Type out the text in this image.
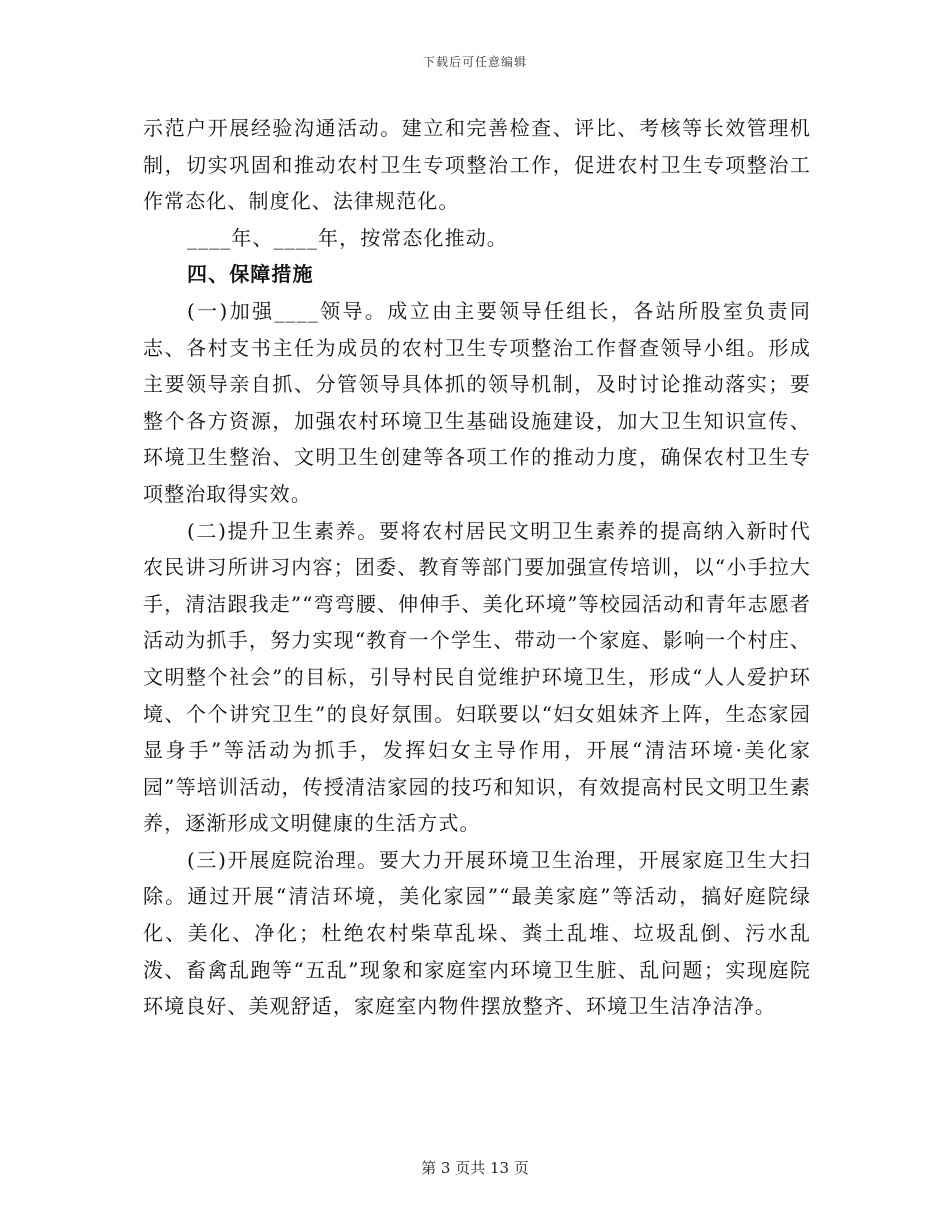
下载后可任意编辑

示范户开展经验沟通活动。建立和完善检查、评比、考核等长效管理机制，切实巩固和推动农村卫生专项整治工作，促进农村卫生专项整治工作常态化、制度化、法律规范化。

____年、____年，按常态化推动。

四、保障措施

(一)加强____领导。成立由主要领导任组长，各站所股室负责同志、各村支书主任为成员的农村卫生专项整治工作督查领导小组。形成主要领导亲自抓、分管领导具体抓的领导机制，及时讨论推动落实；要整个各方资源，加强农村环境卫生基础设施建设，加大卫生知识宣传、环境卫生整治、文明卫生创建等各项工作的推动力度，确保农村卫生专项整治取得实效。

(二)提升卫生素养。要将农村居民文明卫生素养的提高纳入新时代农民讲习所讲习内容；团委、教育等部门要加强宣传培训，以“小手拉大手，清洁跟我走”“弯弯腰、伸伸手、美化环境”等校园活动和青年志愿者活动为抓手，努力实现“教育一个学生、带动一个家庭、影响一个村庄、文明整个社会”的目标，引导村民自觉维护环境卫生，形成“人人爱护环境、个个讲究卫生”的良好氛围。妇联要以“妇女姐妹齐上阵，生态家园显身手”等活动为抓手，发挥妇女主导作用，开展“清洁环境·美化家园”等培训活动，传授清洁家园的技巧和知识，有效提高村民文明卫生素养，逐渐形成文明健康的生活方式。

(三)开展庭院治理。要大力开展环境卫生治理，开展家庭卫生大扫除。通过开展“清洁环境，美化家园”“最美家庭”等活动，搞好庭院绿化、美化、净化；杜绝农村柴草乱垛、粪土乱堆、垃圾乱倒、污水乱泼、畜禽乱跑等“五乱”现象和家庭室内环境卫生脏、乱问题；实现庭院环境良好、美观舒适，家庭室内物件摆放整齐、环境卫生洁净洁净。

第 3 页共 13 页
